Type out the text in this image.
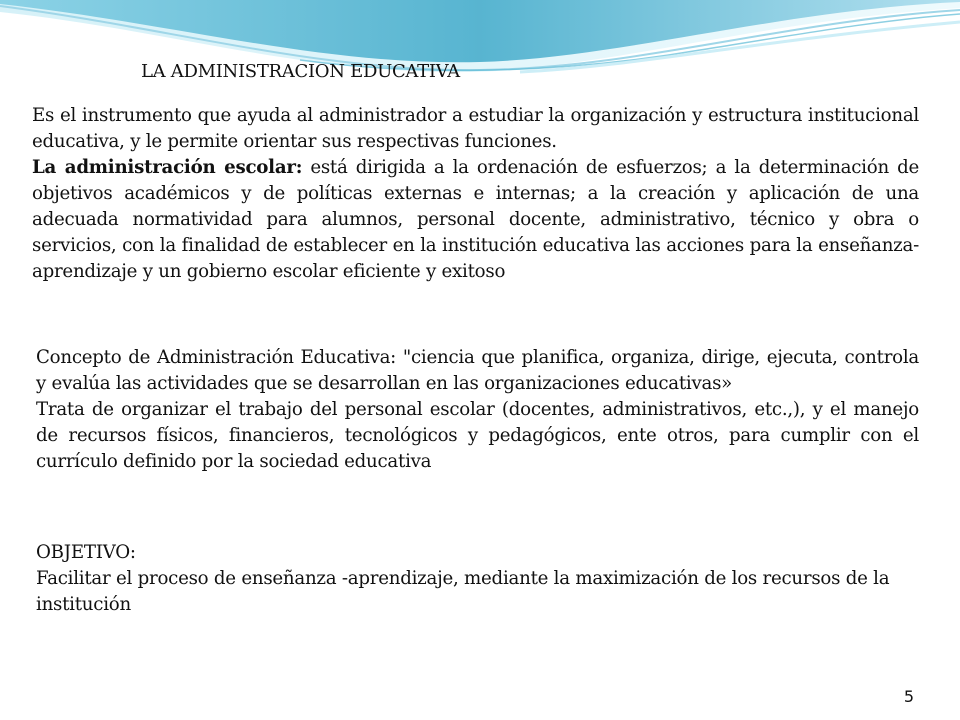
LA ADMINISTRACION EDUCATIVA

Es el instrumento que ayuda al administrador a estudiar la organización y estructura institucional educativa, y le permite orientar sus respectivas funciones.

La administración escolar: está dirigida a la ordenación de esfuerzos; a la determinación de objetivos académicos y de políticas externas e internas; a la creación y aplicación de una adecuada normatividad para alumnos, personal docente, administrativo, técnico y obra o servicios, con la finalidad de establecer en la institución educativa las acciones para la enseñanza-aprendizaje y un gobierno escolar eficiente y exitoso

Concepto de Administración Educativa: "ciencia que planifica, organiza, dirige, ejecuta, controla y evalúa las actividades que se desarrollan en las organizaciones educativas»

Trata de organizar el trabajo del personal escolar (docentes, administrativos, etc.,), y el manejo de recursos físicos, financieros, tecnológicos y pedagógicos, ente otros, para cumplir con el currículo definido por la sociedad educativa

OBJETIVO:

Facilitar el proceso de enseñanza -aprendizaje, mediante la maximización de los recursos de la institución

5
